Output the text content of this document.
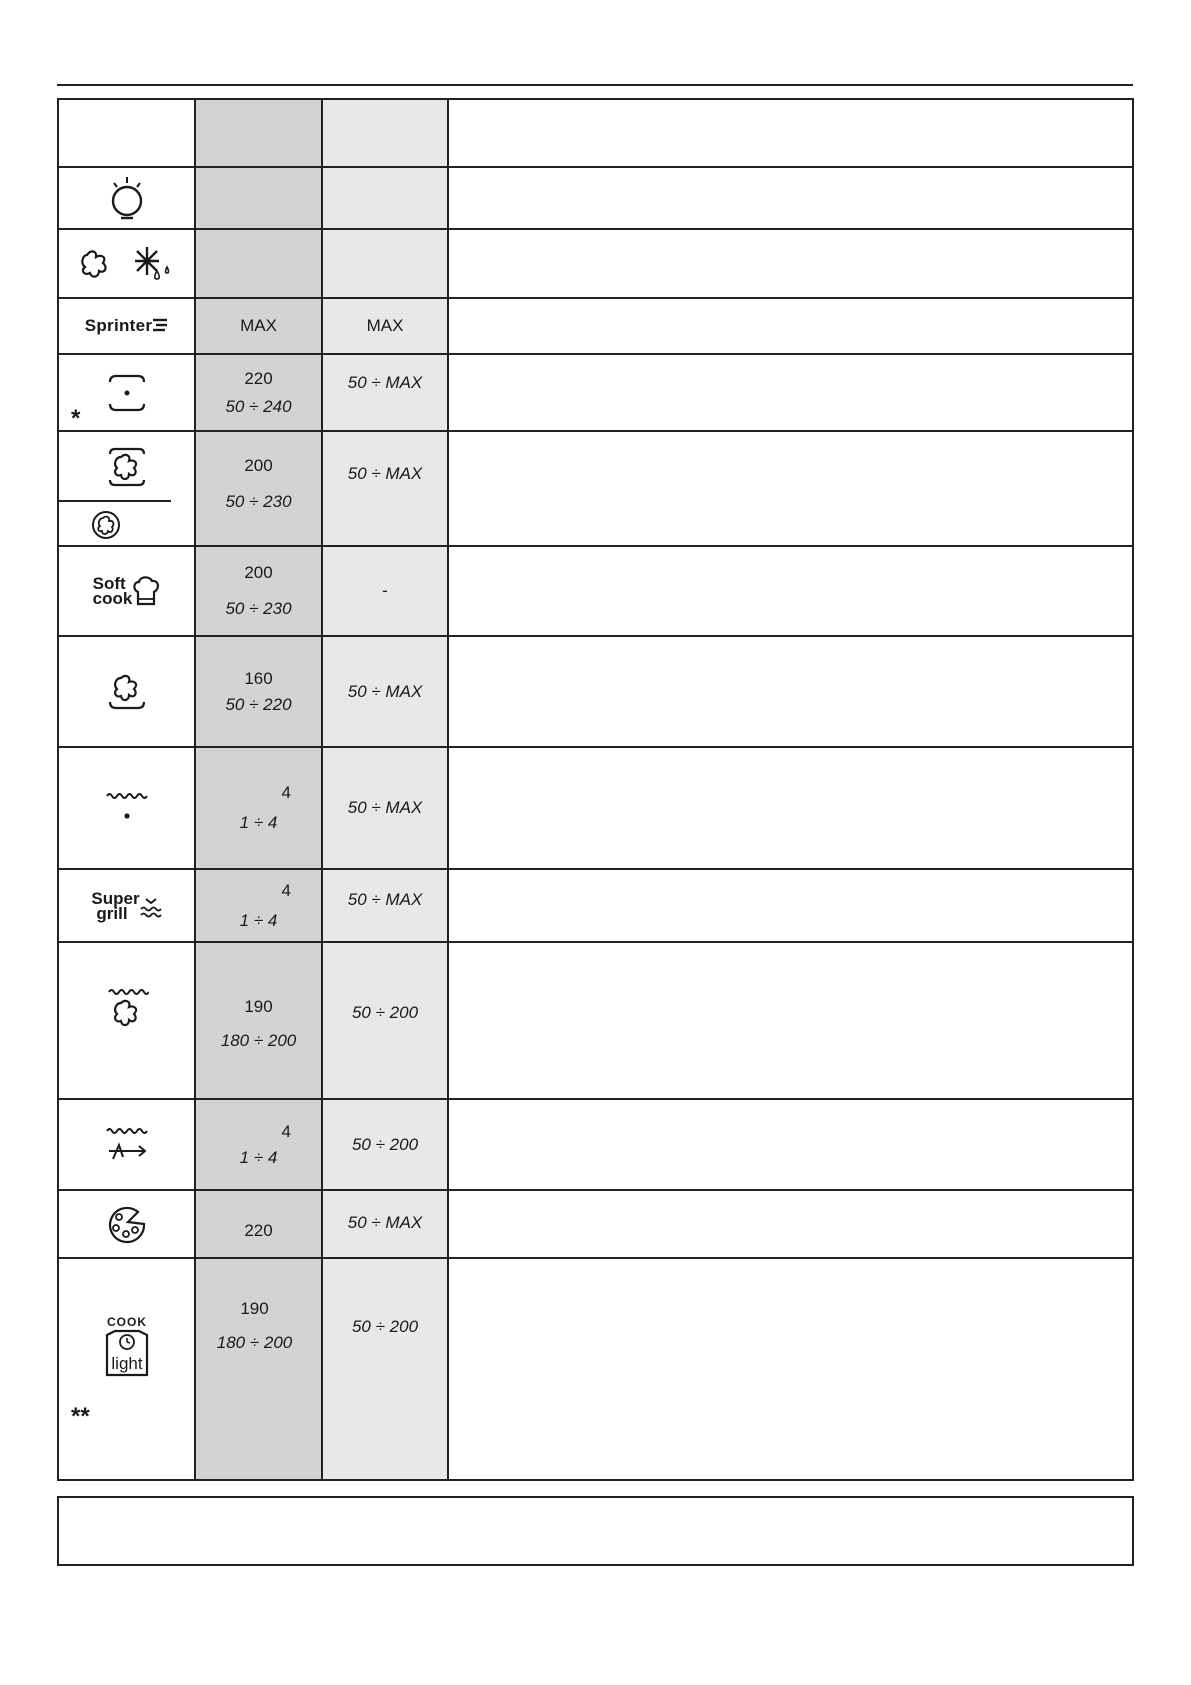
Sprinter	MAX	MAX	

*	220
50 ÷ 240	50 ÷ MAX	

200
50 ÷ 230	50 ÷ MAX	

Soft
cook	200
50 ÷ 230	-	

160
50 ÷ 220	50 ÷ MAX	

4
1 ÷ 4	50 ÷ MAX	

Super
grill	4
1 ÷ 4	50 ÷ MAX	

190
180 ÷ 200	50 ÷ 200	

4
1 ÷ 4	50 ÷ 200	

220	50 ÷ MAX	

COOK
light
**	190
180 ÷ 200	50 ÷ 200	
